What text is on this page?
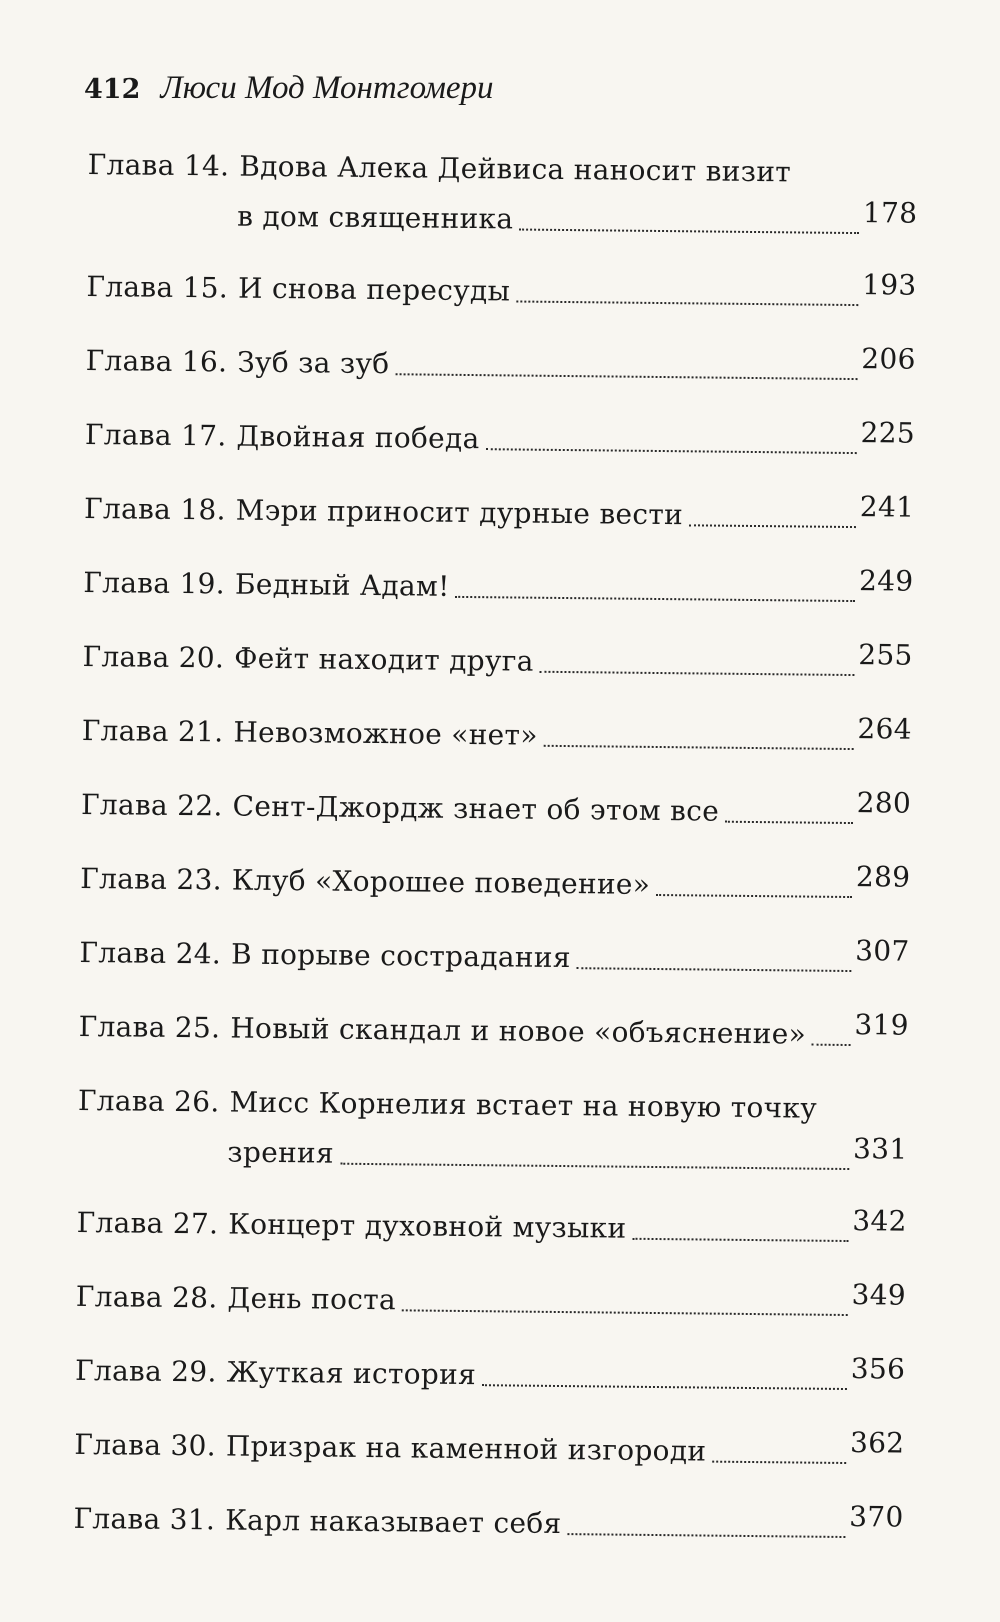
412 Люси Мод Монтгомери
Глава 14. Вдова Алека Дейвиса наносит визит
в дом священника	178
Глава 15. И снова пересуды	193
Глава 16. Зуб за зуб	206
Глава 17. Двойная победа	225
Глава 18. Мэри приносит дурные вести	241
Глава 19. Бедный Адам!	249
Глава 20. Фейт находит друга	255
Глава 21. Невозможное «нет»	264
Глава 22. Сент-Джордж знает об этом все	280
Глава 23. Клуб «Хорошее поведение»	289
Глава 24. В порыве сострадания	307
Глава 25. Новый скандал и новое «объяснение» 319
Глава 26. Мисс Корнелия встает на новую точку
зрения	331
Глава 27. Концерт духовной музыки	342
Глава 28. День поста	349
Глава 29. Жуткая история	356
Глава 30. Призрак на каменной изгороди	362
Глава 31. Карл наказывает себя	370
